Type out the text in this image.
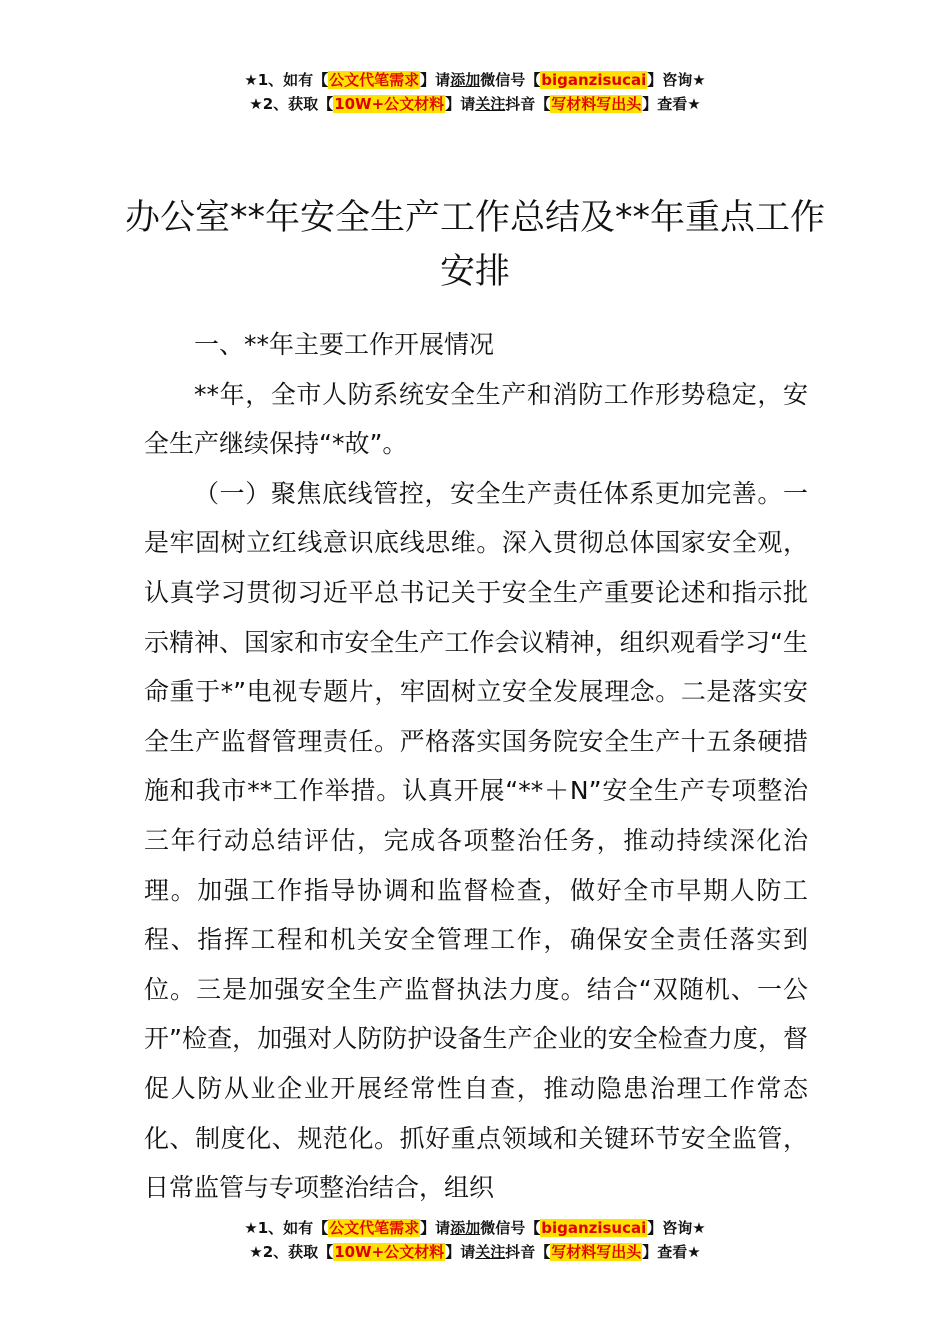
★1、如有【公文代笔需求】请添加微信号【biganzisucai】咨询★
★2、获取【10W+公文材料】请关注抖音【写材料写出头】查看★
办公室**年安全生产工作总结及**年重点工作安排

一、**年主要工作开展情况

**年，全市人防系统安全生产和消防工作形势稳定，安全生产继续保持“*故”。

（一）聚焦底线管控，安全生产责任体系更加完善。一是牢固树立红线意识底线思维。深入贯彻总体国家安全观，认真学习贯彻习近平总书记关于安全生产重要论述和指示批示精神、国家和市安全生产工作会议精神，组织观看学习“生命重于*”电视专题片，牢固树立安全发展理念。二是落实安全生产监督管理责任。严格落实国务院安全生产十五条硬措施和我市**工作举措。认真开展“**＋N”安全生产专项整治三年行动总结评估，完成各项整治任务，推动持续深化治理。加强工作指导协调和监督检查，做好全市早期人防工程、指挥工程和机关安全管理工作，确保安全责任落实到位。三是加强安全生产监督执法力度。结合“双随机、一公开”检查，加强对人防防护设备生产企业的安全检查力度，督促人防从业企业开展经常性自查，推动隐患治理工作常态化、制度化、规范化。抓好重点领域和关键环节安全监管，日常监管与专项整治结合，组织

★1、如有【公文代笔需求】请添加微信号【biganzisucai】咨询★
★2、获取【10W+公文材料】请关注抖音【写材料写出头】查看★
